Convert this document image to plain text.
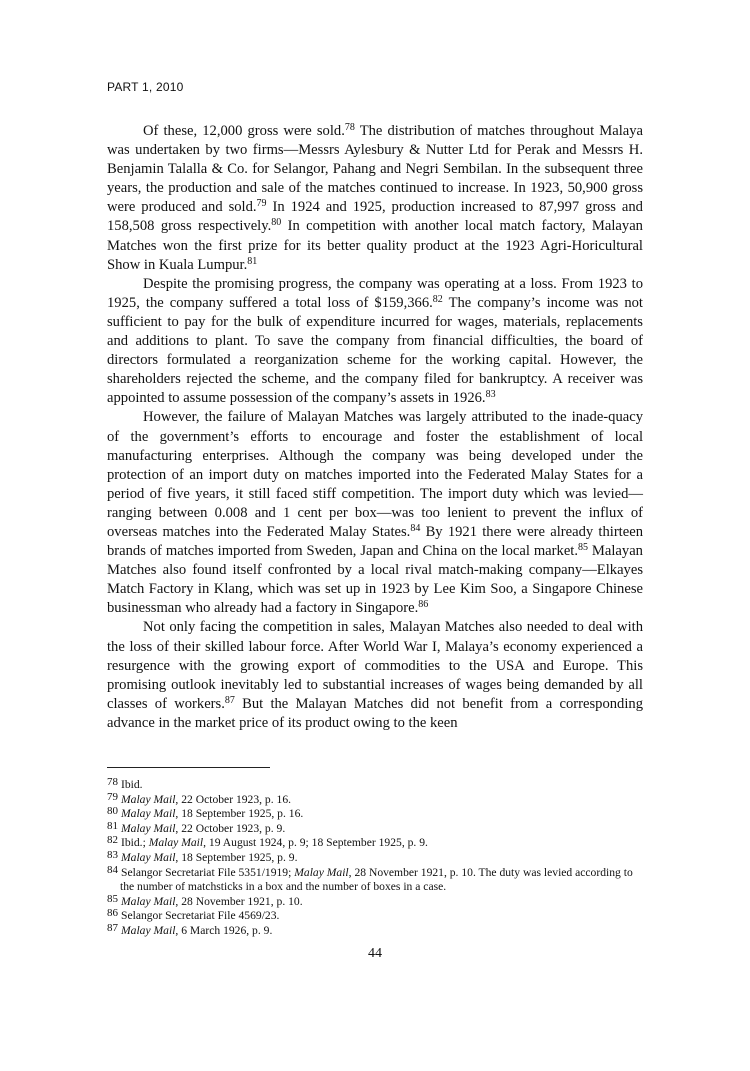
PART 1, 2010

Of these, 12,000 gross were sold.$^{78}$ The distribution of matches throughout Malaya was undertaken by two firms—Messrs Aylesbury & Nutter Ltd for Perak and Messrs H. Benjamin Talalla & Co. for Selangor, Pahang and Negri Sembilan. In the subsequent three years, the production and sale of the matches continued to increase. In 1923, 50,900 gross were produced and sold.$^{79}$ In 1924 and 1925, production increased to 87,997 gross and 158,508 gross respectively.$^{80}$ In competition with another local match factory, Malayan Matches won the first prize for its better quality product at the 1923 Agri-Horicultural Show in Kuala Lumpur.$^{81}$

Despite the promising progress, the company was operating at a loss. From 1923 to 1925, the company suffered a total loss of $159,366.82 The company’s income was not sufficient to pay for the bulk of expenditure incurred for wages, materials, replacements and additions to plant. To save the company from financial difficulties, the board of directors formulated a reorganization scheme for the working capital. However, the shareholders rejected the scheme, and the company filed for bankruptcy. A receiver was appointed to assume possession of the company’s assets in 1926.83

However, the failure of Malayan Matches was largely attributed to the inade-quacy of the government’s efforts to encourage and foster the establishment of local manufacturing enterprises. Although the company was being developed under the protection of an import duty on matches imported into the Federated Malay States for a period of five years, it still faced stiff competition. The import duty which was levied—ranging between 0.008 and 1 cent per box—was too lenient to prevent the influx of overseas matches into the Federated Malay States.$^{84}$ By 1921 there were already thirteen brands of matches imported from Sweden, Japan and China on the local market.$^{85}$ Malayan Matches also found itself confronted by a local rival match-making company—Elkayes Match Factory in Klang, which was set up in 1923 by Lee Kim Soo, a Singapore Chinese businessman who already had a factory in Singapore.$^{86}$

Not only facing the competition in sales, Malayan Matches also needed to deal with the loss of their skilled labour force. After World War I, Malaya’s economy experienced a resurgence with the growing export of commodities to the USA and Europe. This promising outlook inevitably led to substantial increases of wages being demanded by all classes of workers.$^{87}$ But the Malayan Matches did not benefit from a corresponding advance in the market price of its product owing to the keen

78 Ibid.

79 Malay Mail, 22 October 1923, p. 16.

80 Malay Mail, 18 September 1925, p. 16.

81 Malay Mail, 22 October 1923, p. 9.

82 Ibid.; Malay Mail, 19 August 1924, p. 9; 18 September 1925, p. 9.

83 Malay Mail, 18 September 1925, p. 9.

84 Selangor Secretariat File 5351/1919; Malay Mail, 28 November 1921, p. 10. The duty was levied according to the number of matchsticks in a box and the number of boxes in a case.

85 Malay Mail, 28 November 1921, p. 10.

86 Selangor Secretariat File 4569/23.

87 Malay Mail, 6 March 1926, p. 9.

44
